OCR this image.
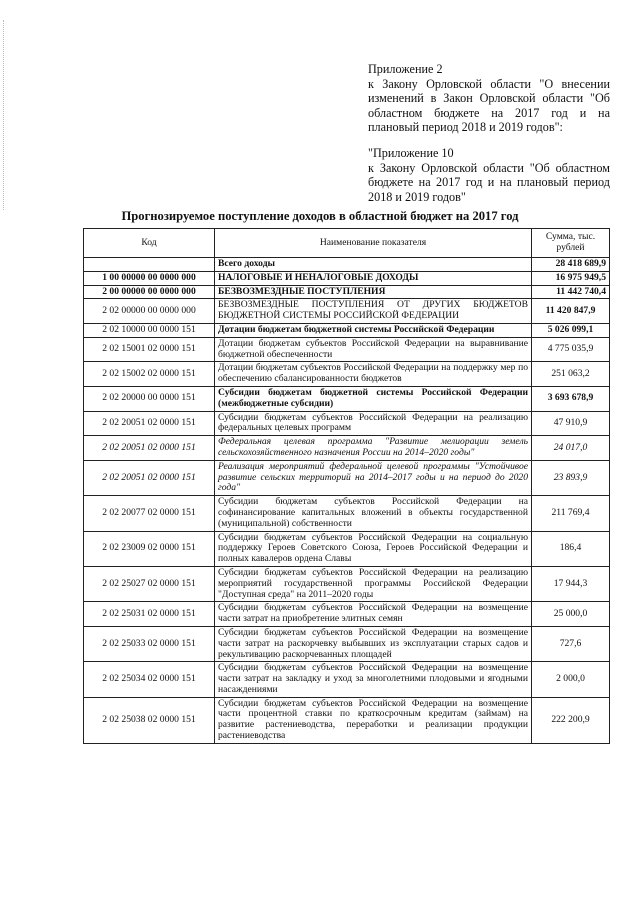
Приложение 2

к Закону Орловской области "О внесении изменений в Закон Орловской области "Об областном бюджете на 2017 год и на плановый период 2018 и 2019 годов":

"Приложение 10

к Закону Орловской области "Об областном бюджете на 2017 год и на плановый период 2018 и 2019 годов"

Прогнозируемое поступление доходов в областной бюджет на 2017 год
Код	Наименование показателя	Сумма, тыс. рублей
	Всего доходы	28 418 689,9
1 00 00000 00 0000 000	НАЛОГОВЫЕ И НЕНАЛОГОВЫЕ ДОХОДЫ	16 975 949,5
2 00 00000 00 0000 000	БЕЗВОЗМЕЗДНЫЕ ПОСТУПЛЕНИЯ	11 442 740,4
2 02 00000 00 0000 000	БЕЗВОЗМЕЗДНЫЕ ПОСТУПЛЕНИЯ ОТ ДРУГИХ БЮДЖЕТОВ БЮДЖЕТНОЙ СИСТЕМЫ РОССИЙСКОЙ ФЕДЕРАЦИИ	11 420 847,9
2 02 10000 00 0000 151	Дотации бюджетам бюджетной системы Российской Федерации	5 026 099,1
2 02 15001 02 0000 151	Дотации бюджетам субъектов Российской Федерации на выравнивание бюджетной обеспеченности	4 775 035,9
2 02 15002 02 0000 151	Дотации бюджетам субъектов Российской Федерации на поддержку мер по обеспечению сбалансированности бюджетов	251 063,2
2 02 20000 00 0000 151	Субсидии бюджетам бюджетной системы Российской Федерации (межбюджетные субсидии)	3 693 678,9
2 02 20051 02 0000 151	Субсидии бюджетам субъектов Российской Федерации на реализацию федеральных целевых программ	47 910,9
2 02 20051 02 0000 151	Федеральная целевая программа "Развитие мелиорации земель сельскохозяйственного назначения России на 2014–2020 годы"	24 017,0
2 02 20051 02 0000 151	Реализация мероприятий федеральной целевой программы "Устойчивое развитие сельских территорий на 2014–2017 годы и на период до 2020 года"	23 893,9
2 02 20077 02 0000 151	Субсидии бюджетам субъектов Российской Федерации на софинансирование капитальных вложений в объекты государственной (муниципальной) собственности	211 769,4
2 02 23009 02 0000 151	Субсидии бюджетам субъектов Российской Федерации на социальную поддержку Героев Советского Союза, Героев Российской Федерации и полных кавалеров ордена Славы	186,4
2 02 25027 02 0000 151	Субсидии бюджетам субъектов Российской Федерации на реализацию мероприятий государственной программы Российской Федерации "Доступная среда" на 2011–2020 годы	17 944,3
2 02 25031 02 0000 151	Субсидии бюджетам субъектов Российской Федерации на возмещение части затрат на приобретение элитных семян	25 000,0
2 02 25033 02 0000 151	Субсидии бюджетам субъектов Российской Федерации на возмещение части затрат на раскорчевку выбывших из эксплуатации старых садов и рекультивацию раскорчеванных площадей	727,6
2 02 25034 02 0000 151	Субсидии бюджетам субъектов Российской Федерации на возмещение части затрат на закладку и уход за многолетними плодовыми и ягодными насаждениями	2 000,0
2 02 25038 02 0000 151	Субсидии бюджетам субъектов Российской Федерации на возмещение части процентной ставки по краткосрочным кредитам (займам) на развитие растениеводства, переработки и реализации продукции растениеводства	222 200,9
